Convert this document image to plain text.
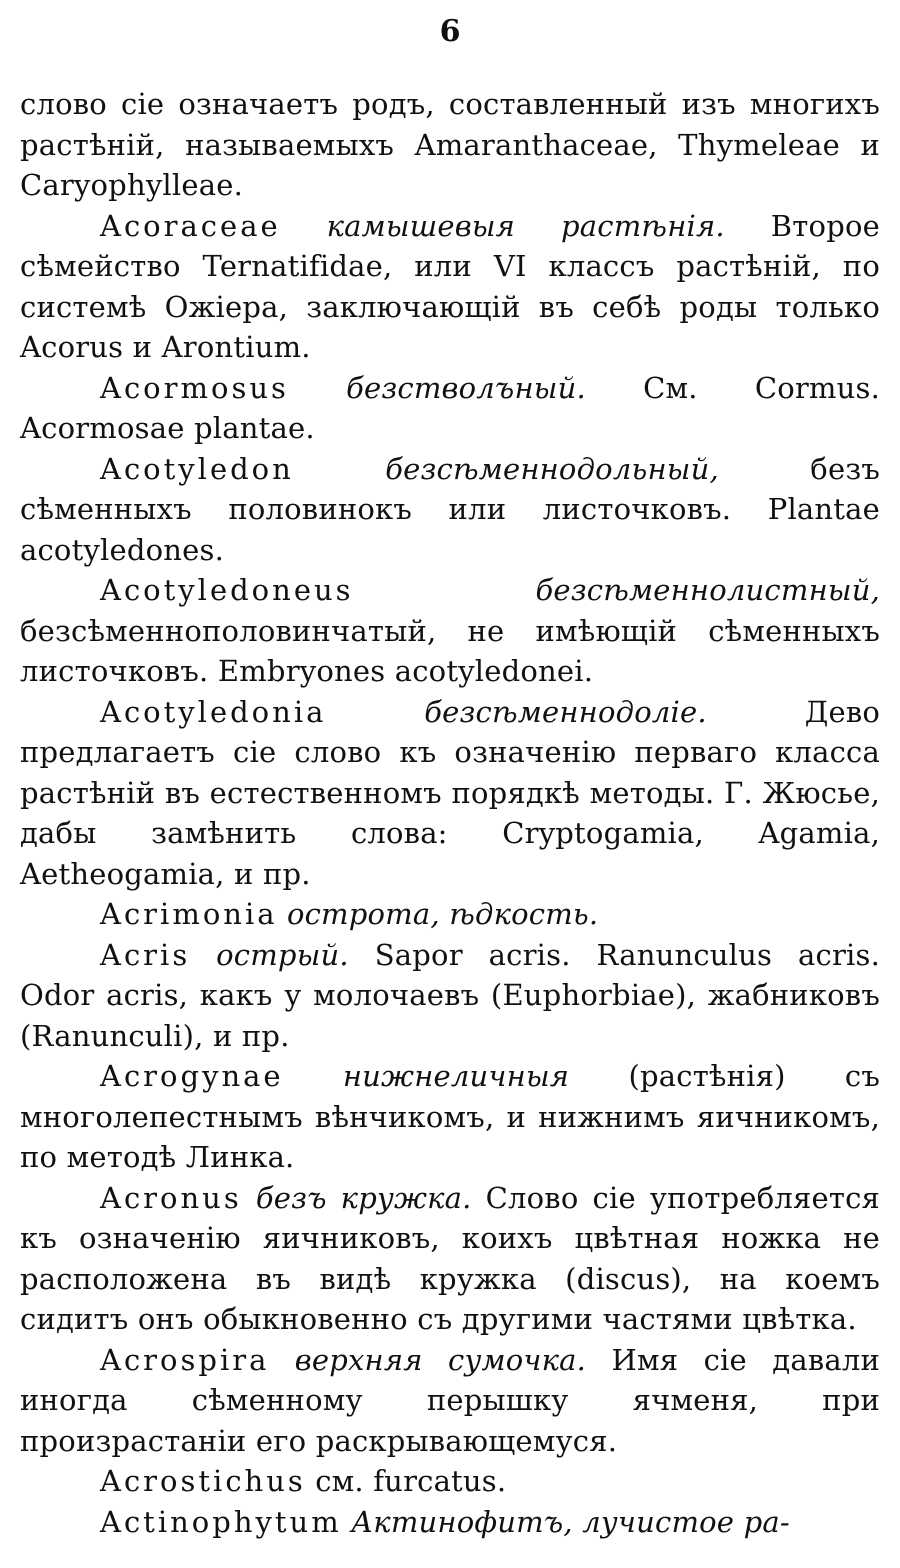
6

слово сіе означаетъ родъ, составленный изъ многихъ растѣній, называемыхъ Amaranthaceae, Thymeleae и Caryophylleae.

Acoraceae камышевыя растѣнія. Второе сѣмейство Ternatifidae, или VI классъ растѣній, по системѣ Ожіера, заключающій въ себѣ роды только Acorus и Arontium.

Acormosus безстволъный. См. Cormus. Acormosae plantae.

Acotyledon	безсѣменнодольный,	безъ сѣменныхъ половинокъ или листочковъ. Plantae acotyledones.

Acotyledoneus	безсѣменнолистный, безсѣменнополовинчатый, не имѣющій сѣменныхъ листочковъ. Embryones acotyledonei.

Acotyledonia	безсѣменнодоліе.	Дево предлагаетъ сіе слово къ означенію перваго класса растѣній въ естественномъ порядкѣ методы. Г. Жюсье, дабы замѣнить слова: Cryptogamia, Agamia, Aetheogamia, и пр.

Acrimonia острота, ѣдкость.

Acris острый. Sapor acris. Ranunculus acris. Odor acris, какъ у молочаевъ (Euphorbiae), жабниковъ (Ranunculi), и пр.

Acrogynae нижнеличныя (растѣнія) съ многолепестнымъ вѣнчикомъ, и нижнимъ яичникомъ, по методѣ Линка.

Acronus безъ кружка. Слово сіе употребляется къ означенію яичниковъ, коихъ цвѣтная ножка не расположена въ видѣ кружка (discus), на коемъ сидитъ онъ обыкновенно съ другими частями цвѣтка.

Acrospira верхняя сумочка. Имя сіе давали иногда сѣменному перышку ячменя, при произрастаніи его раскрывающемуся.

Acrostichus см. furcatus.

Actinophytum Актинофитъ, лучистое ра-
